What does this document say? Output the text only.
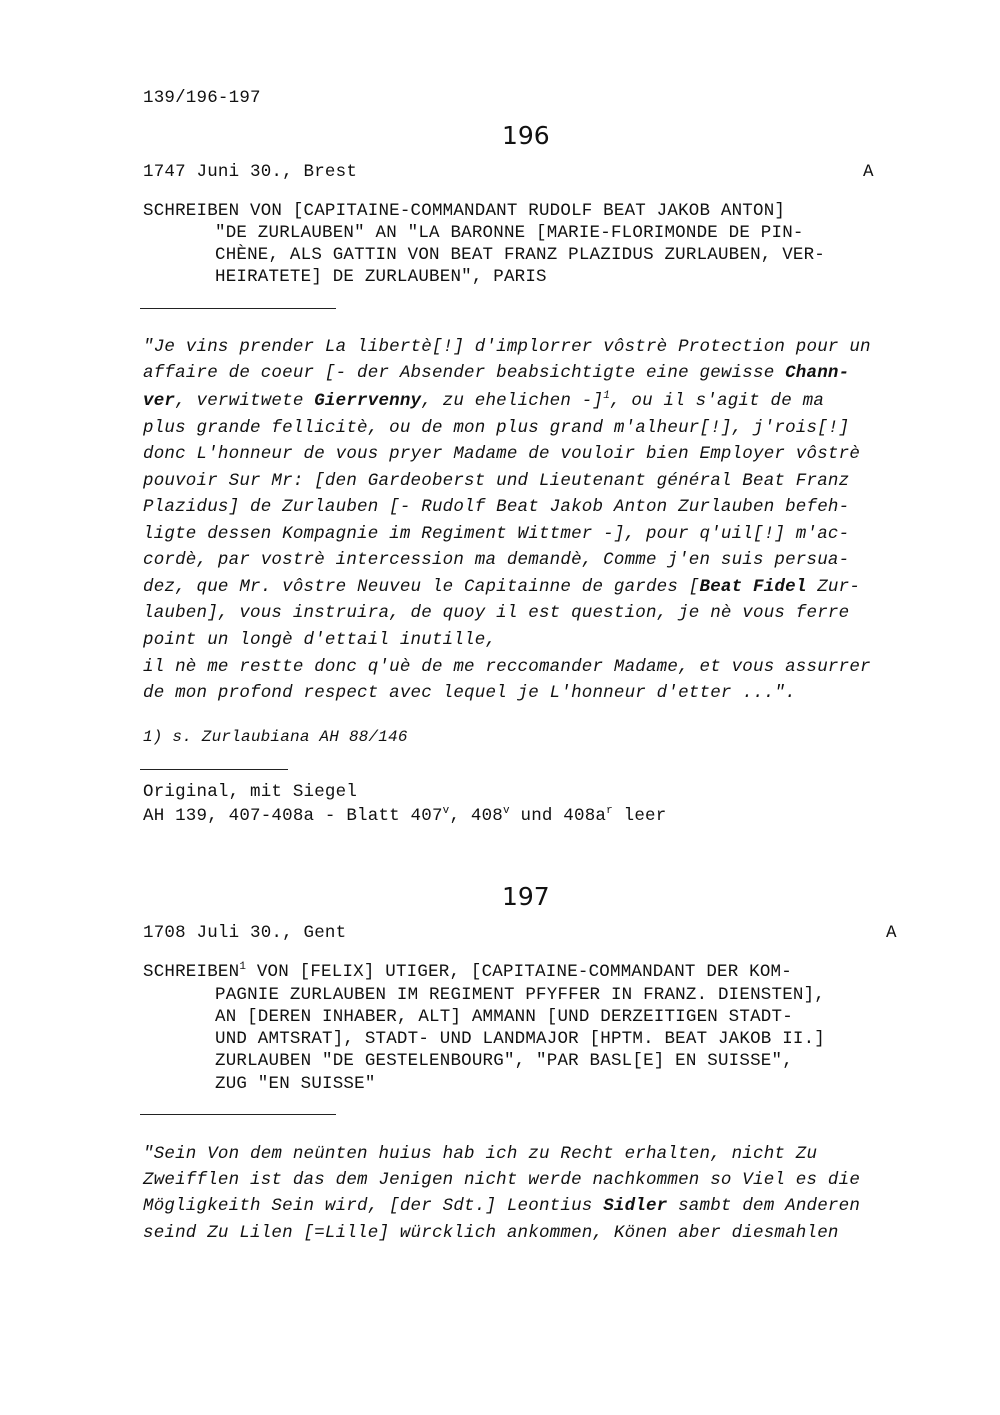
139/196-197
196
1747 Juni 30., Brest	A
SCHREIBEN VON [CAPITAINE-COMMANDANT RUDOLF BEAT JAKOB ANTON]
"DE ZURLAUBEN" AN "LA BARONNE [MARIE-FLORIMONDE DE PIN-
CHÈNE, ALS GATTIN VON BEAT FRANZ PLAZIDUS ZURLAUBEN, VER-
HEIRATETE] DE ZURLAUBEN", PARIS
"Je vins prender La libertè[!] d'implorrer vôstrè Protection pour un
affaire de coeur [- der Absender beabsichtigte eine gewisse Chann-
ver, verwitwete Gierrvenny, zu ehelichen -]$^1$, ou il s'agit de ma
plus grande fellicitè, ou de mon plus grand m'alheur[!], j'rois[!]
donc L'honneur de vous pryer Madame de vouloir bien Employer vôstrè
pouvoir Sur Mr: [den Gardeoberst und Lieutenant général Beat Franz
Plazidus] de Zurlauben [- Rudolf Beat Jakob Anton Zurlauben befeh-
ligte dessen Kompagnie im Regiment Wittmer -], pour q'uil[!] m'ac-
cordè, par vostrè intercession ma demandè, Comme j'en suis persua-
dez, que Mr. vôstre Neuveu le Capitainne de gardes [Beat Fidel Zur-
lauben], vous instruira, de quoy il est question, je nè vous ferre
point un longè d'ettail inutille,
il nè me restte donc q'uè de me reccomander Madame, et vous assurrer
de mon profond respect avec lequel je L'honneur d'etter ...".
1) s. Zurlaubiana AH 88/146
Original, mit Siegel
AH 139, 407-408a - Blatt 407$^v$, 408$^v$ und $408a^r$ leer
197
1708 Juli 30., Gent	A
SCHREIBEN$^1$ VON [FELIX] UTIGER, [CAPITAINE-COMMANDANT DER KOM-
PAGNIE ZURLAUBEN IM REGIMENT PFYFFER IN FRANZ. DIENSTEN],
AN [DEREN INHABER, ALT] AMMANN [UND DERZEITIGEN STADT-
UND AMTSRAT], STADT- UND LANDMAJOR [HPTM. BEAT JAKOB II.]
ZURLAUBEN "DE GESTELENBOURG", "PAR BASL[E] EN SUISSE",
ZUG "EN SUISSE"
"Sein Von dem neünten huius hab ich zu Recht erhalten, nicht Zu
Zweifflen ist das dem Jenigen nicht werde nachkommen so Viel es die
Mögligkeith Sein wird, [der Sdt.] Leontius Sidler sambt dem Anderen
seind Zu Lilen [=Lille] würcklich ankommen, Könen aber diesmahlen
